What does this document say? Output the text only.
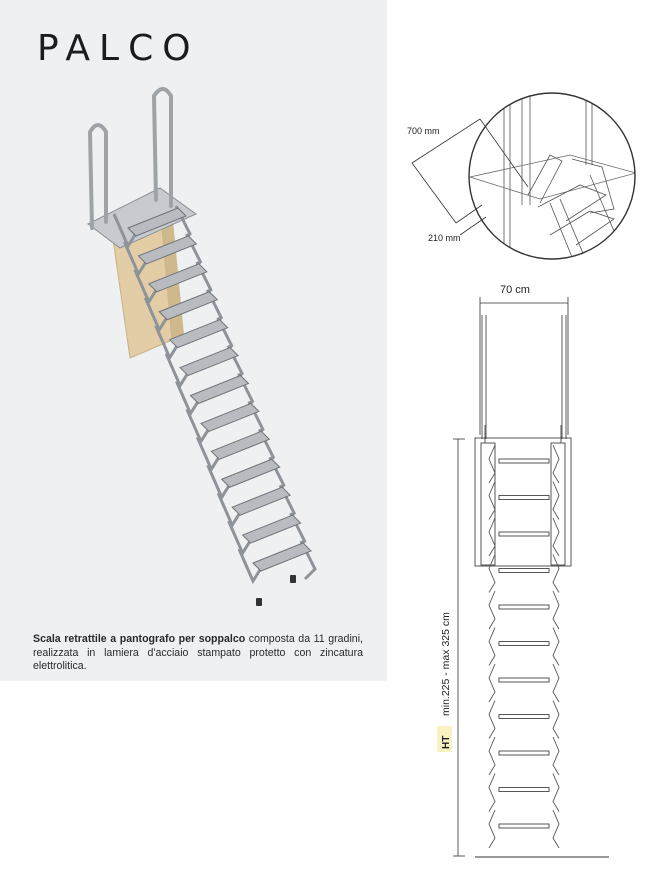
PALCO

Scala retrattile a pantografo per soppalco composta da 11 gradini, realizzata in lamiera d'acciaio stampato protetto con zincatura elettrolitica.

700 mm
210 mm
70 cm
HT
min.225 - max 325 cm
